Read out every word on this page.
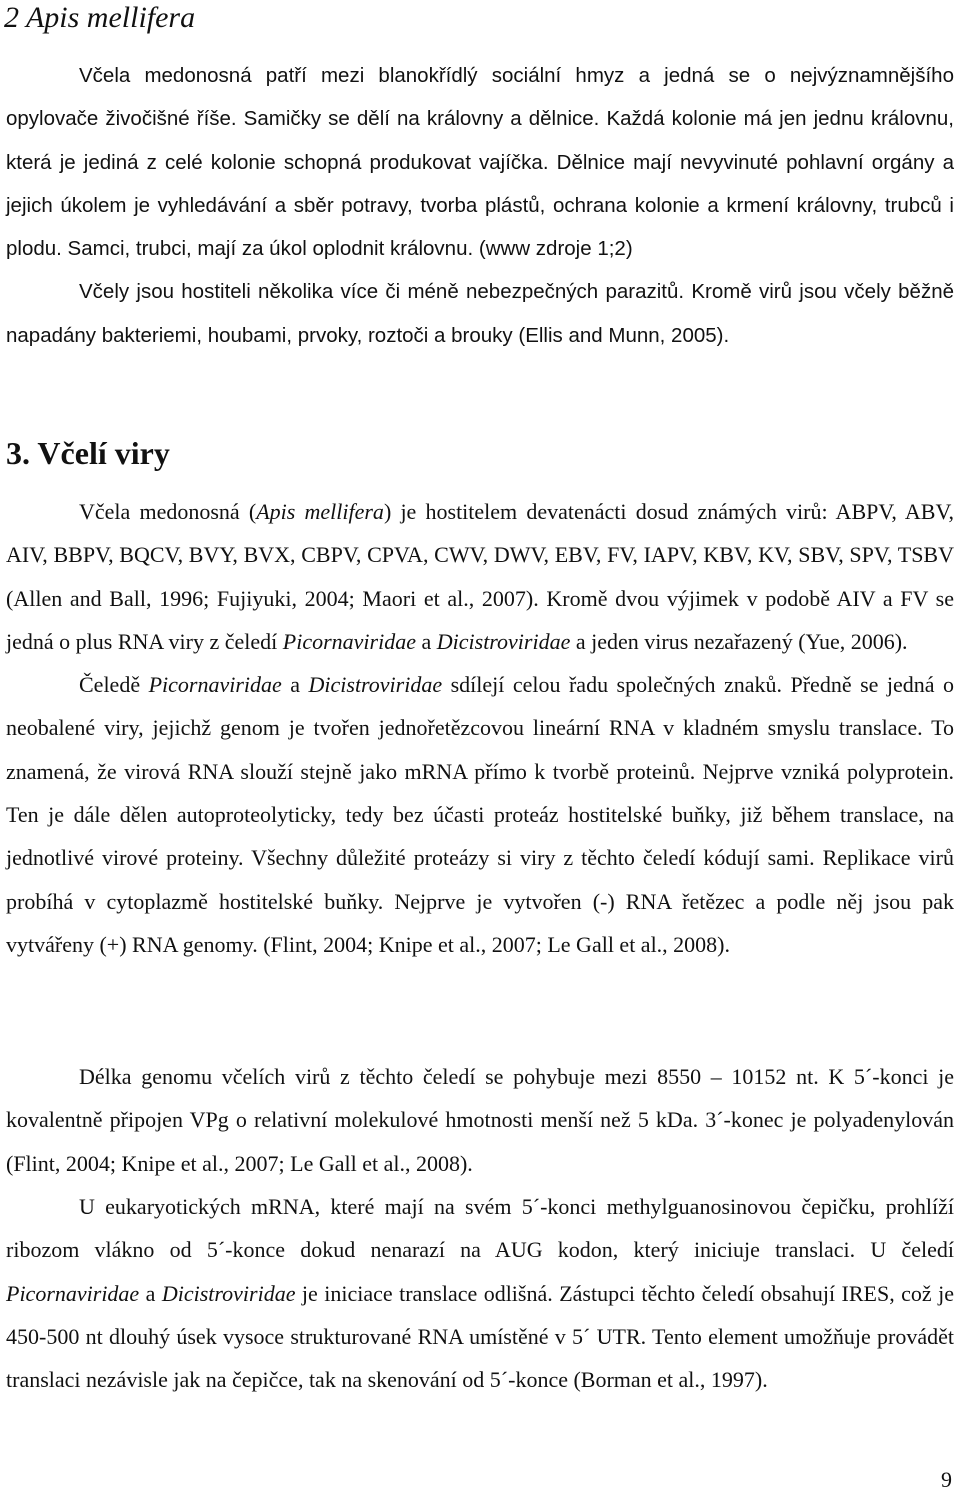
2 Apis mellifera

Včela medonosná patří mezi blanokřídlý sociální hmyz a jedná se o nejvýznamnějšího opylovače živočišné říše. Samičky se dělí na královny a dělnice. Každá kolonie má jen jednu královnu, která je jediná z celé kolonie schopná produkovat vajíčka. Dělnice mají nevyvinuté pohlavní orgány a jejich úkolem je vyhledávání a sběr potravy, tvorba plástů, ochrana kolonie a krmení královny, trubců i plodu. Samci, trubci, mají za úkol oplodnit královnu. (www zdroje 1;2)

Včely jsou hostiteli několika více či méně nebezpečných parazitů. Kromě virů jsou včely běžně napadány bakteriemi, houbami, prvoky, roztoči a brouky (Ellis and Munn, 2005).

3. Včelí viry

Včela medonosná (Apis mellifera) je hostitelem devatenácti dosud známých virů: ABPV, ABV, AIV, BBPV, BQCV, BVY, BVX, CBPV, CPVA, CWV, DWV, EBV, FV, IAPV, KBV, KV, SBV, SPV, TSBV (Allen and Ball, 1996; Fujiyuki, 2004; Maori et al., 2007). Kromě dvou výjimek v podobě AIV a FV se jedná o plus RNA viry z čeledí Picornaviridae a Dicistroviridae a jeden virus nezařazený (Yue, 2006).

Čeledě Picornaviridae a Dicistroviridae sdílejí celou řadu společných znaků. Předně se jedná o neobalené viry, jejichž genom je tvořen jednořetězcovou lineární RNA v kladném smyslu translace. To znamená, že virová RNA slouží stejně jako mRNA přímo k tvorbě proteinů. Nejprve vzniká polyprotein. Ten je dále dělen autoproteolyticky, tedy bez účasti proteáz hostitelské buňky, již během translace, na jednotlivé virové proteiny. Všechny důležité proteázy si viry z těchto čeledí kódují sami. Replikace virů probíhá v cytoplazmě hostitelské buňky. Nejprve je vytvořen (-) RNA řetězec a podle něj jsou pak vytvářeny (+) RNA genomy. (Flint, 2004; Knipe et al., 2007; Le Gall et al., 2008).

Délka genomu včelích virů z těchto čeledí se pohybuje mezi 8550 – 10152 nt. K 5´-konci je kovalentně připojen VPg o relativní molekulové hmotnosti menší než 5 kDa. 3´-konec je polyadenylován (Flint, 2004; Knipe et al., 2007; Le Gall et al., 2008).

U eukaryotických mRNA, které mají na svém 5´-konci methylguanosinovou čepičku, prohlíží ribozom vlákno od 5´-konce dokud nenarazí na AUG kodon, který iniciuje translaci. U čeledí Picornaviridae a Dicistroviridae je iniciace translace odlišná. Zástupci těchto čeledí obsahují IRES, což je 450-500 nt dlouhý úsek vysoce strukturované RNA umístěné v 5´ UTR. Tento element umožňuje provádět translaci nezávisle jak na čepičce, tak na skenování od 5´-konce (Borman et al., 1997).

9
